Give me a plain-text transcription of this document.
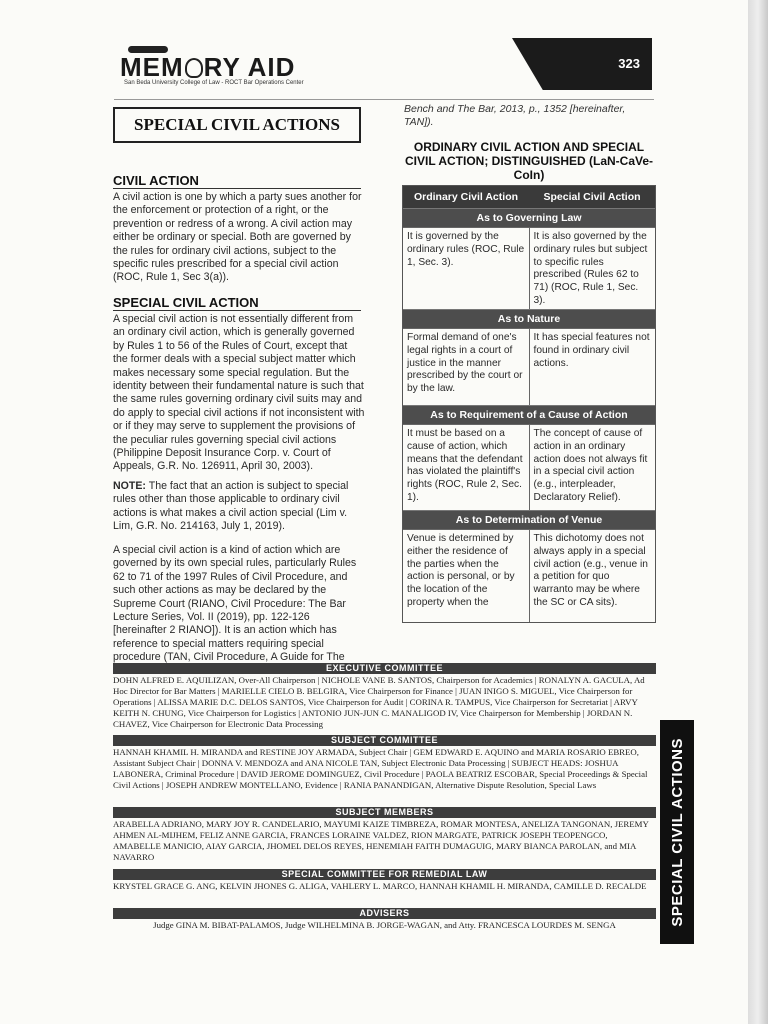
MEM RY AID
San Beda University College of Law - ROCT Bar Operations Center
323
SPECIAL CIVIL ACTIONS
CIVIL ACTION
A civil action is one by which a party sues another for the enforcement or protection of a right, or the prevention or redress of a wrong. A civil action may either be ordinary or special. Both are governed by the rules for ordinary civil actions, subject to the specific rules prescribed for a special civil action (ROC, Rule 1, Sec 3(a)).
SPECIAL CIVIL ACTION
A special civil action is not essentially different from an ordinary civil action, which is generally governed by Rules 1 to 56 of the Rules of Court, except that the former deals with a special subject matter which makes necessary some special regulation. But the identity between their fundamental nature is such that the same rules governing ordinary civil suits may and do apply to special civil actions if not inconsistent with or if they may serve to supplement the provisions of the peculiar rules governing special civil actions (Philippine Deposit Insurance Corp. v. Court of Appeals, G.R. No. 126911, April 30, 2003).
NOTE: The fact that an action is subject to special rules other than those applicable to ordinary civil actions is what makes a civil action special (Lim v. Lim, G.R. No. 214163, July 1, 2019).
A special civil action is a kind of action which are governed by its own special rules, particularly Rules 62 to 71 of the 1997 Rules of Civil Procedure, and such other actions as may be declared by the Supreme Court (RIANO, Civil Procedure: The Bar Lecture Series, Vol. II (2019), pp. 122-126 [hereinafter 2 RIANO]). It is an action which has reference to special matters requiring special procedure (TAN, Civil Procedure, A Guide for The
Bench and The Bar, 2013, p., 1352 [hereinafter, TAN]).
ORDINARY CIVIL ACTION AND SPECIAL CIVIL ACTION; DISTINGUISHED (LaN-CaVe-CoIn)
Ordinary Civil Action	Special Civil Action
As to Governing Law
It is governed by the ordinary rules (ROC, Rule 1, Sec. 3).
It is also governed by the ordinary rules but subject to specific rules prescribed (Rules 62 to 71) (ROC, Rule 1, Sec. 3).
As to Nature
Formal demand of one's legal rights in a court of justice in the manner prescribed by the court or by the law.
It has special features not found in ordinary civil actions.
As to Requirement of a Cause of Action
It must be based on a cause of action, which means that the defendant has violated the plaintiff's rights (ROC, Rule 2, Sec. 1).
The concept of cause of action in an ordinary action does not always fit in a special civil action (e.g., interpleader, Declaratory Relief).
As to Determination of Venue
Venue is determined by either the residence of the parties when the action is personal, or by the location of the property when the
This dichotomy does not always apply in a special civil action (e.g., venue in a petition for quo warranto may be where the SC or CA sits).
EXECUTIVE COMMITTEE
DOHN ALFRED E. AQUILIZAN, Over-All Chairperson | NICHOLE VANE B. SANTOS, Chairperson for Academics | RONALYN A. GACULA, Ad Hoc Director for Bar Matters | MARIELLE CIELO B. BELGIRA, Vice Chairperson for Finance | JUAN INIGO S. MIGUEL, Vice Chairperson for Operations | ALISSA MARIE D.C. DELOS SANTOS, Vice Chairperson for Audit | CORINA R. TAMPUS, Vice Chairperson for Secretariat | ARVY KEITH N. CHUNG, Vice Chairperson for Logistics | ANTONIO JUN-JUN C. MANALIGOD IV, Vice Chairperson for Membership | JORDAN N. CHAVEZ, Vice Chairperson for Electronic Data Processing
SUBJECT COMMITTEE
HANNAH KHAMIL H. MIRANDA and RESTINE JOY ARMADA, Subject Chair | GEM EDWARD E. AQUINO and MARIA ROSARIO EBREO, Assistant Subject Chair | DONNA V. MENDOZA and ANA NICOLE TAN, Subject Electronic Data Processing | SUBJECT HEADS: JOSHUA LABONERA, Criminal Procedure | DAVID JEROME DOMINGUEZ, Civil Procedure | PAOLA BEATRIZ ESCOBAR, Special Proceedings & Special Civil Actions | JOSEPH ANDREW MONTELLANO, Evidence | RANIA PANANDIGAN, Alternative Dispute Resolution, Special Laws
SUBJECT MEMBERS
ARABELLA ADRIANO, MARY JOY R. CANDELARIO, MAYUMI KAIZE TIMBREZA, ROMAR MONTESA, ANELIZA TANGONAN, JEREMY AHMEN AL-MIJHEM, FELIZ ANNE GARCIA, FRANCES LORAINE VALDEZ, RION MARGATE, PATRICK JOSEPH TEOPENGCO, AMABELLE MANICIO, AIAY GARCIA, JHOMEL DELOS REYES, HENEMIAH FAITH DUMAGUIG, MARY BIANCA PAROLAN, and MIA NAVARRO
SPECIAL COMMITTEE FOR REMEDIAL LAW
KRYSTEL GRACE G. ANG, KELVIN JHONES G. ALIGA, VAHLERY L. MARCO, HANNAH KHAMIL H. MIRANDA, CAMILLE D. RECALDE
ADVISERS
Judge GINA M. BIBAT-PALAMOS, Judge WILHELMINA B. JORGE-WAGAN, and Atty. FRANCESCA LOURDES M. SENGA	SPECIAL CIVIL ACTIONS
